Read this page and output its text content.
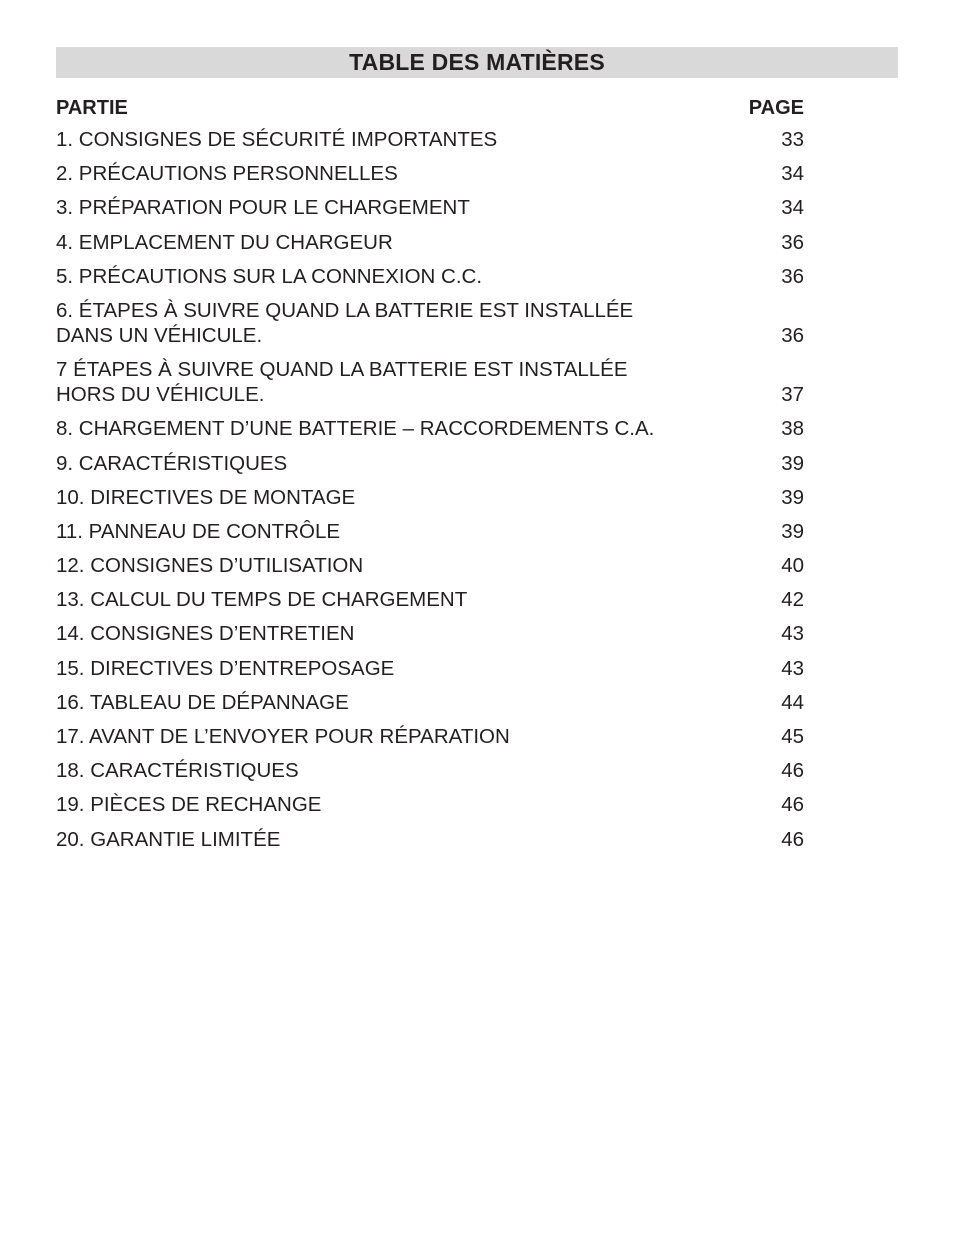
TABLE DES MATIÈRES
PARTIE	PAGE
1. CONSIGNES DE SÉCURITÉ IMPORTANTES	33
2. PRÉCAUTIONS PERSONNELLES	34
3. PRÉPARATION POUR LE CHARGEMENT	34
4. EMPLACEMENT DU CHARGEUR	36
5. PRÉCAUTIONS SUR LA CONNEXION C.C.	36
6. ÉTAPES À SUIVRE QUAND LA BATTERIE EST INSTALLÉE
DANS UN VÉHICULE.	36
7 ÉTAPES À SUIVRE QUAND LA BATTERIE EST INSTALLÉE
HORS DU VÉHICULE.	37
8. CHARGEMENT D’UNE BATTERIE – RACCORDEMENTS C.A.	38
9. CARACTÉRISTIQUES	39
10. DIRECTIVES DE MONTAGE	39
11. PANNEAU DE CONTRÔLE	39
12. CONSIGNES D’UTILISATION	40
13. CALCUL DU TEMPS DE CHARGEMENT	42
14. CONSIGNES D’ENTRETIEN	43
15. DIRECTIVES D’ENTREPOSAGE	43
16. TABLEAU DE DÉPANNAGE	44
17. AVANT DE L’ENVOYER POUR RÉPARATION	45
18. CARACTÉRISTIQUES	46
19. PIÈCES DE RECHANGE	46
20. GARANTIE LIMITÉE	46
